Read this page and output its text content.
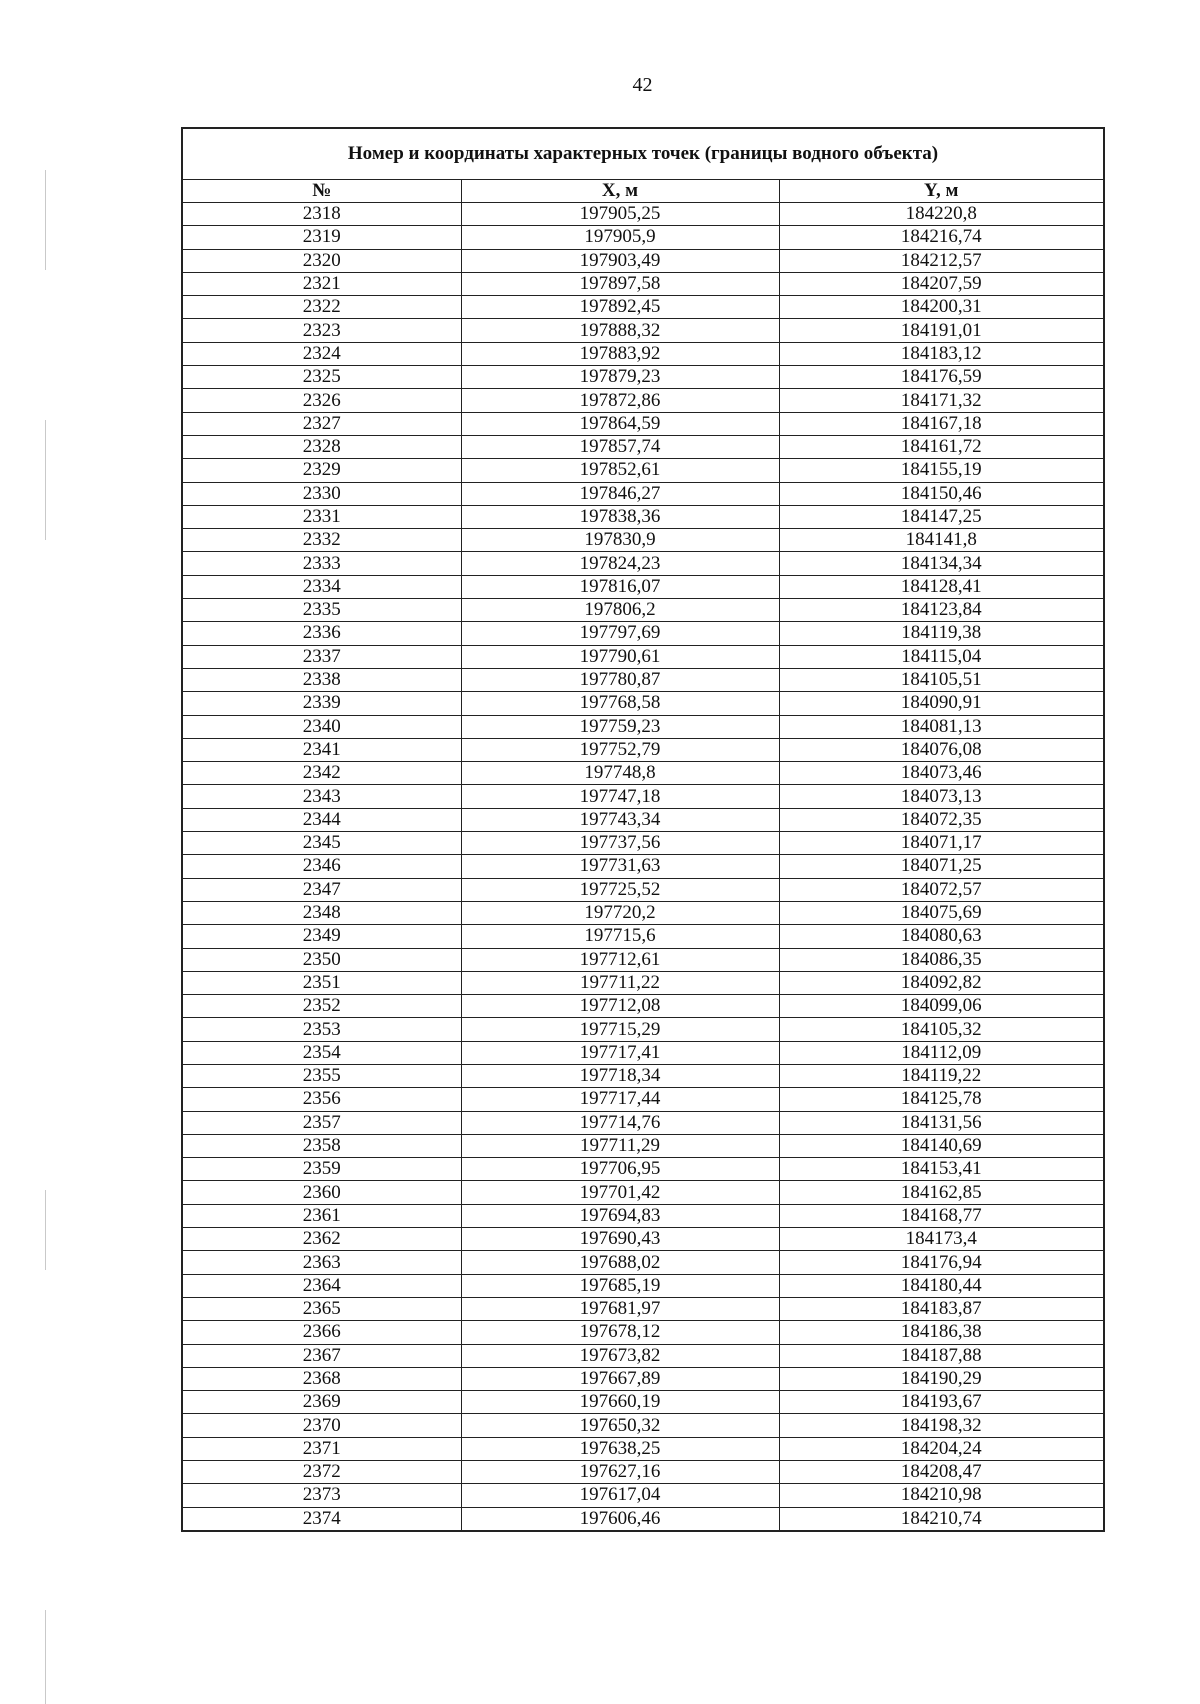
42
Номер и координаты характерных точек (границы водного объекта)		
№	X, м	Y, м
2318	197905,25	184220,8
2319	197905,9	184216,74
2320	197903,49	184212,57
2321	197897,58	184207,59
2322	197892,45	184200,31
2323	197888,32	184191,01
2324	197883,92	184183,12
2325	197879,23	184176,59
2326	197872,86	184171,32
2327	197864,59	184167,18
2328	197857,74	184161,72
2329	197852,61	184155,19
2330	197846,27	184150,46
2331	197838,36	184147,25
2332	197830,9	184141,8
2333	197824,23	184134,34
2334	197816,07	184128,41
2335	197806,2	184123,84
2336	197797,69	184119,38
2337	197790,61	184115,04
2338	197780,87	184105,51
2339	197768,58	184090,91
2340	197759,23	184081,13
2341	197752,79	184076,08
2342	197748,8	184073,46
2343	197747,18	184073,13
2344	197743,34	184072,35
2345	197737,56	184071,17
2346	197731,63	184071,25
2347	197725,52	184072,57
2348	197720,2	184075,69
2349	197715,6	184080,63
2350	197712,61	184086,35
2351	197711,22	184092,82
2352	197712,08	184099,06
2353	197715,29	184105,32
2354	197717,41	184112,09
2355	197718,34	184119,22
2356	197717,44	184125,78
2357	197714,76	184131,56
2358	197711,29	184140,69
2359	197706,95	184153,41
2360	197701,42	184162,85
2361	197694,83	184168,77
2362	197690,43	184173,4
2363	197688,02	184176,94
2364	197685,19	184180,44
2365	197681,97	184183,87
2366	197678,12	184186,38
2367	197673,82	184187,88
2368	197667,89	184190,29
2369	197660,19	184193,67
2370	197650,32	184198,32
2371	197638,25	184204,24
2372	197627,16	184208,47
2373	197617,04	184210,98
2374	197606,46	184210,74
